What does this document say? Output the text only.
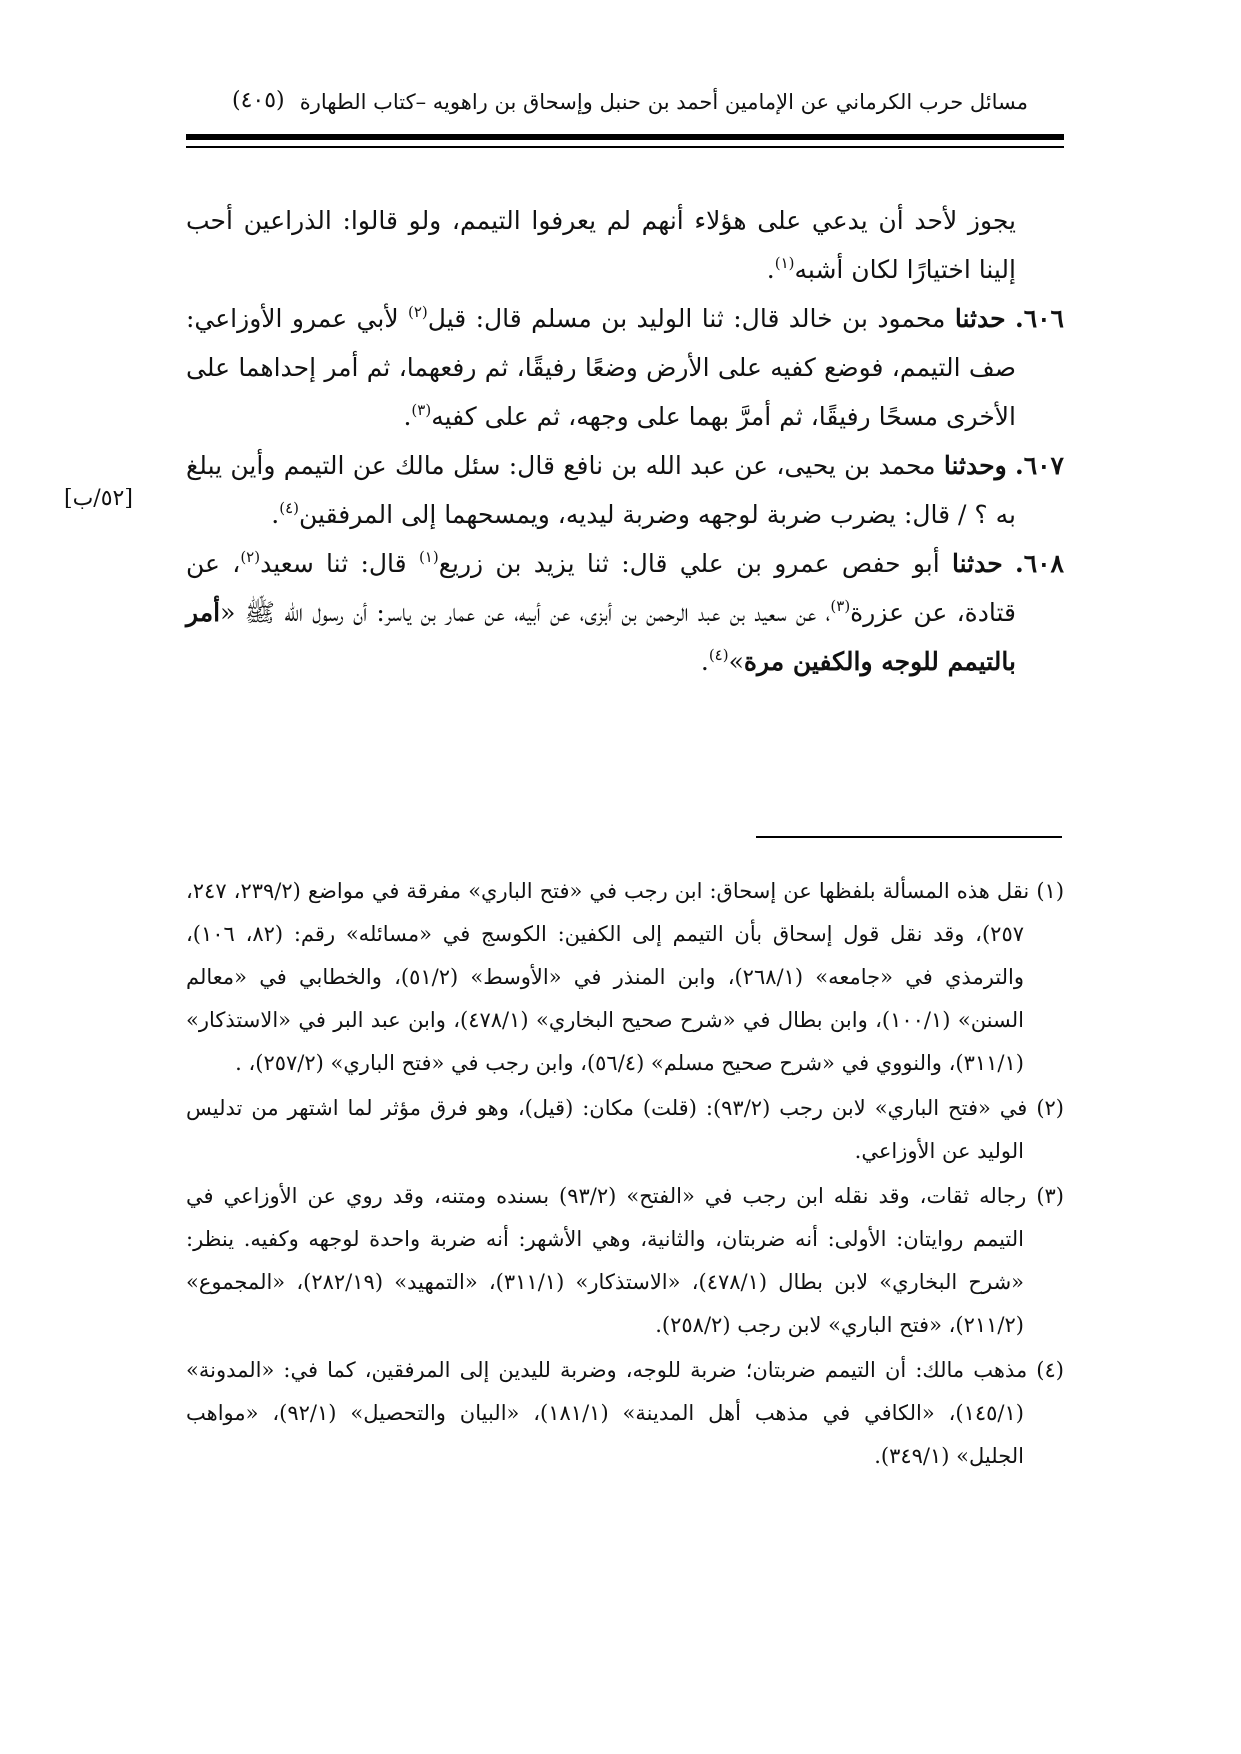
مسائل حرب الكرماني عن الإمامين أحمد بن حنبل وإسحاق بن راهويه –كتاب الطهارة
(٤٠٥)

يجوز لأحد أن يدعي على هؤلاء أنهم لم يعرفوا التيمم، ولو قالوا: الذراعين أحب إلينا اختيارًا لكان أشبه$^{(١)}$.

٦٠٦. حدثنا محمود بن خالد قال: ثنا الوليد بن مسلم قال: قيل$^{(٢)}$ لأبي عمرو الأوزاعي: صف التيمم، فوضع كفيه على الأرض وضعًا رفيقًا، ثم رفعهما، ثم أمر إحداهما على الأخرى مسحًا رفيقًا، ثم أمرَّ بهما على وجهه، ثم على كفيه$^{(٣)}$.

٦٠٧. وحدثنا محمد بن يحيى، عن عبد الله بن نافع قال: سئل مالك عن التيمم وأين يبلغ به ؟ / قال: يضرب ضربة لوجهه وضربة ليديه، ويمسحهما إلى المرفقين$^{(٤)}$.

٦٠٨. حدثنا أبو حفص عمرو بن علي قال: ثنا يزيد بن زريع$^{(١)}$ قال: ثنا سعيد$^{(٢)}$، عن قتادة، عن عزرة$^{(٣)}$، عن سعيد بن عبد الرحمن بن أبزى، عن أبيه، عن عمار بن ياسر: أن رسول الله ﷺ «أمر بالتيمم للوجه والكفين مرة»$^{(٤)}$.

[٥٢/ب]

(١) نقل هذه المسألة بلفظها عن إسحاق: ابن رجب في «فتح الباري» مفرقة في مواضع (٢٣٩/٢، ٢٤٧، ٢٥٧)، وقد نقل قول إسحاق بأن التيمم إلى الكفين: الكوسج في «مسائله» رقم: (٨٢، ١٠٦)، والترمذي في «جامعه» (٢٦٨/١)، وابن المنذر في «الأوسط» (٥١/٢)، والخطابي في «معالم السنن» (١٠٠/١)، وابن بطال في «شرح صحيح البخاري» (٤٧٨/١)، وابن عبد البر في «الاستذكار» (٣١١/١)، والنووي في «شرح صحيح مسلم» (٥٦/٤)، وابن رجب في «فتح الباري» (٢٥٧/٢)، .

(٢) في «فتح الباري» لابن رجب (٩٣/٢): (قلت) مكان: (قيل)، وهو فرق مؤثر لما اشتهر من تدليس الوليد عن الأوزاعي.

(٣) رجاله ثقات، وقد نقله ابن رجب في «الفتح» (٩٣/٢) بسنده ومتنه، وقد روي عن الأوزاعي في التيمم روايتان: الأولى: أنه ضربتان، والثانية، وهي الأشهر: أنه ضربة واحدة لوجهه وكفيه. ينظر: «شرح البخاري» لابن بطال (٤٧٨/١)، «الاستذكار» (٣١١/١)، «التمهيد» (٢٨٢/١٩)، «المجموع» (٢١١/٢)، «فتح الباري» لابن رجب (٢٥٨/٢).

(٤) مذهب مالك: أن التيمم ضربتان؛ ضربة للوجه، وضربة لليدين إلى المرفقين، كما في: «المدونة» (١٤٥/١)، «الكافي في مذهب أهل المدينة» (١٨١/١)، «البيان والتحصيل» (٩٢/١)، «مواهب الجليل» (٣٤٩/١).
